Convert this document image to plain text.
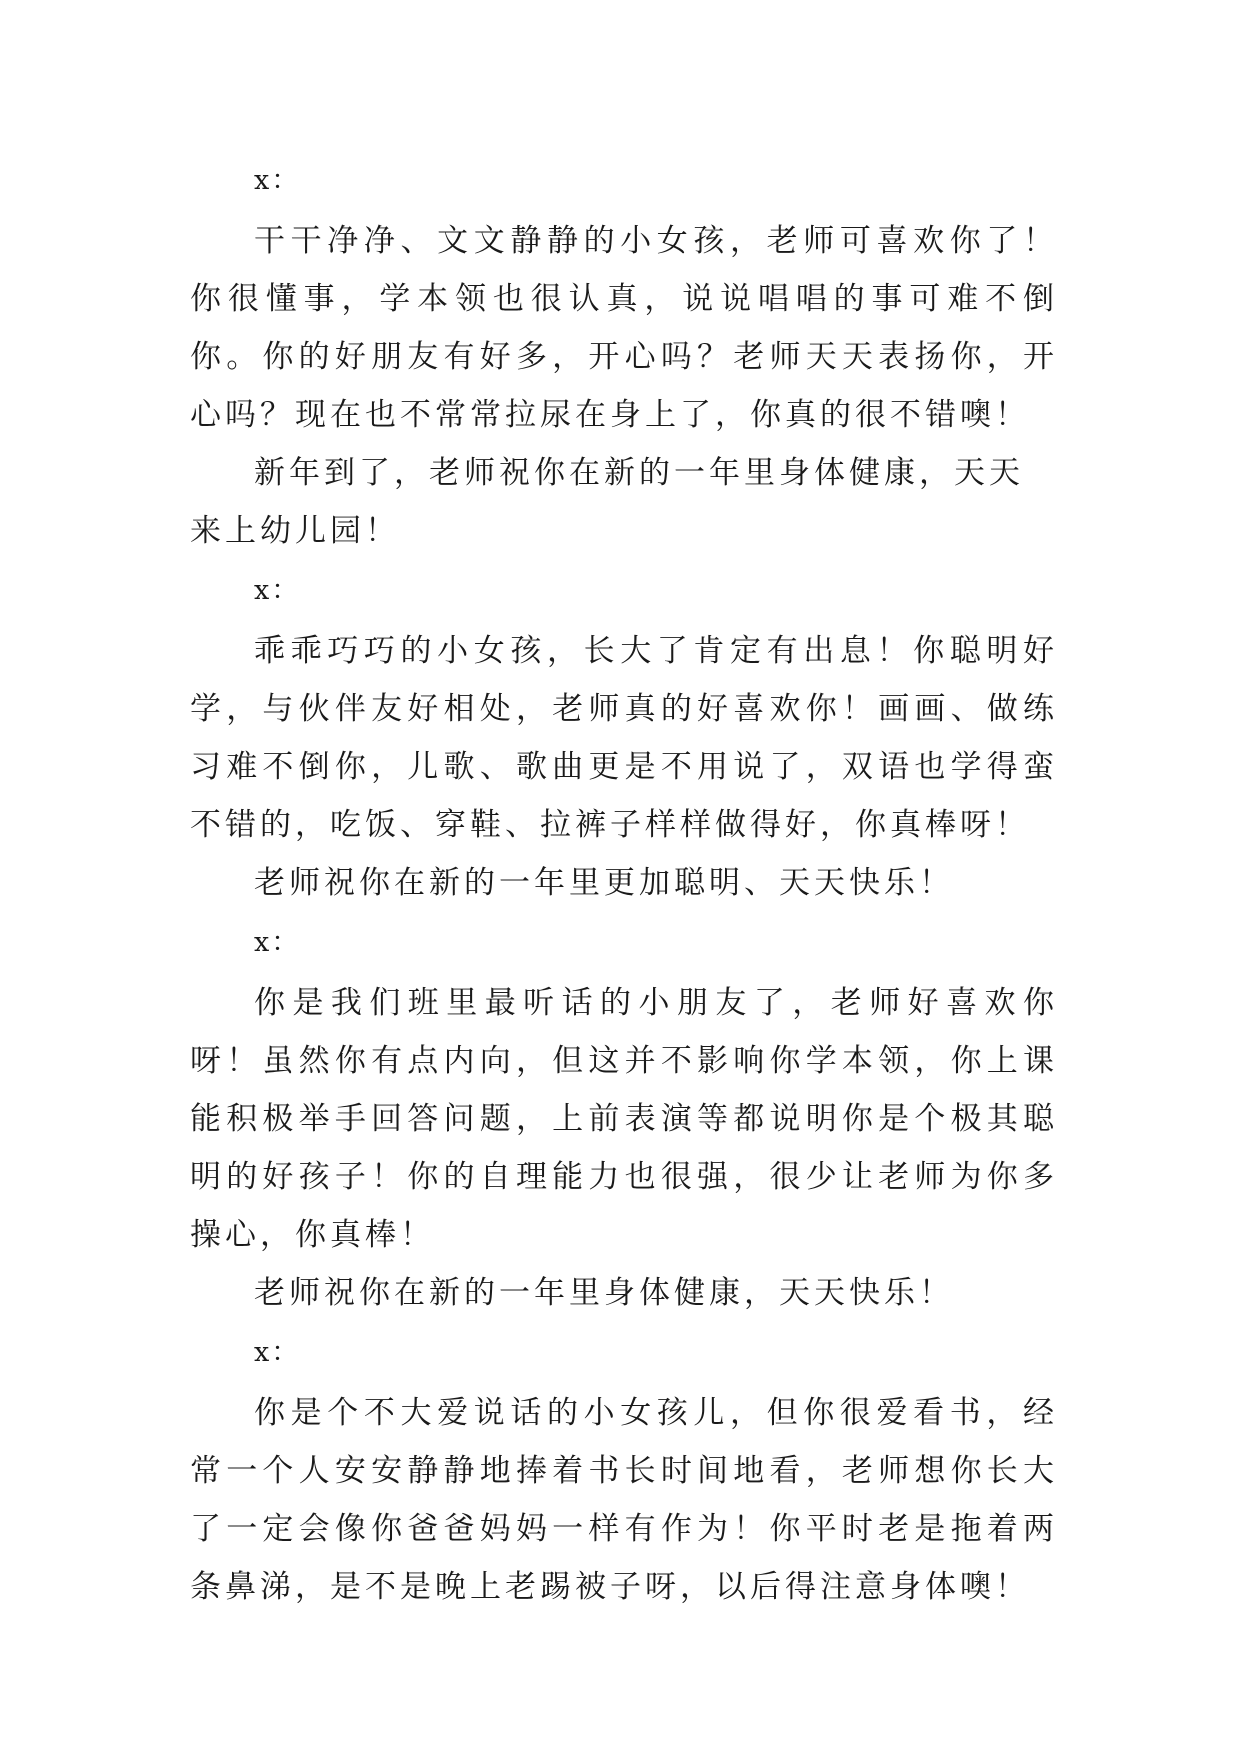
x：

干干净净、文文静静的小女孩，老师可喜欢你了！你很懂事，学本领也很认真，说说唱唱的事可难不倒你。你的好朋友有好多，开心吗？老师天天表扬你，开心吗？现在也不常常拉尿在身上了，你真的很不错噢！

新年到了，老师祝你在新的一年里身体健康，天天来上幼儿园！

x：

乖乖巧巧的小女孩，长大了肯定有出息！你聪明好学，与伙伴友好相处，老师真的好喜欢你！画画、做练习难不倒你，儿歌、歌曲更是不用说了，双语也学得蛮不错的，吃饭、穿鞋、拉裤子样样做得好，你真棒呀！

老师祝你在新的一年里更加聪明、天天快乐！

x：

你是我们班里最听话的小朋友了，老师好喜欢你呀！虽然你有点内向，但这并不影响你学本领，你上课能积极举手回答问题，上前表演等都说明你是个极其聪明的好孩子！你的自理能力也很强，很少让老师为你多操心，你真棒！

老师祝你在新的一年里身体健康，天天快乐！

x：

你是个不大爱说话的小女孩儿，但你很爱看书，经常一个人安安静静地捧着书长时间地看，老师想你长大了一定会像你爸爸妈妈一样有作为！你平时老是拖着两条鼻涕，是不是晚上老踢被子呀，以后得注意身体噢！
